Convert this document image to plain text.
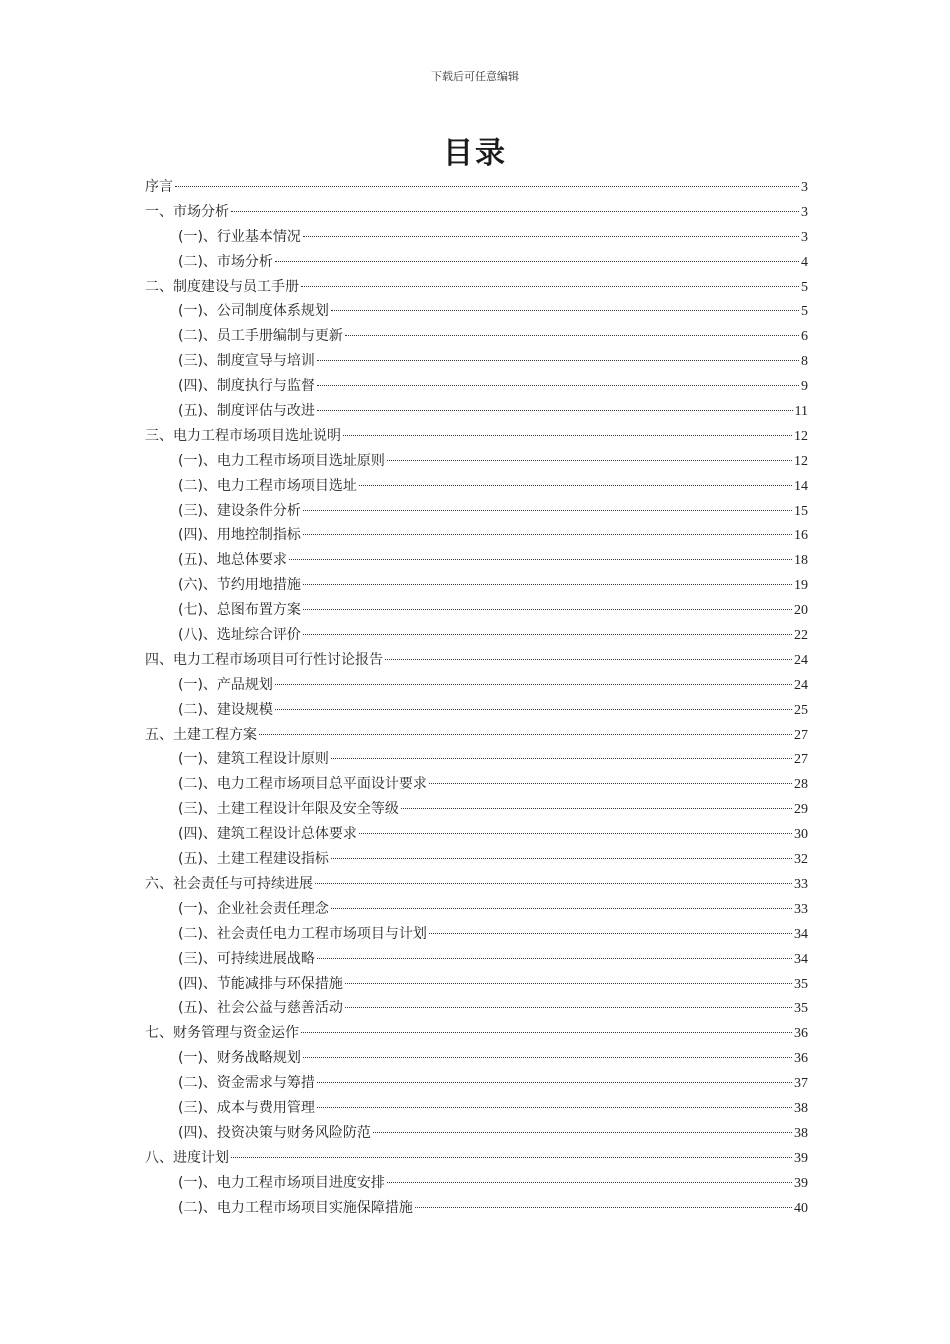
下载后可任意编辑
目录
序言	3
一、市场分析	3
(一)、行业基本情况	3
(二)、市场分析	4
二、制度建设与员工手册	5
(一)、公司制度体系规划	5
(二)、员工手册编制与更新	6
(三)、制度宣导与培训	8
(四)、制度执行与监督	9
(五)、制度评估与改进	11
三、电力工程市场项目选址说明	12
(一)、电力工程市场项目选址原则	12
(二)、电力工程市场项目选址	14
(三)、建设条件分析	15
(四)、用地控制指标	16
(五)、地总体要求	18
(六)、节约用地措施	19
(七)、总图布置方案	20
(八)、选址综合评价	22
四、电力工程市场项目可行性讨论报告	24
(一)、产品规划	24
(二)、建设规模	25
五、土建工程方案	27
(一)、建筑工程设计原则	27
(二)、电力工程市场项目总平面设计要求	28
(三)、土建工程设计年限及安全等级	29
(四)、建筑工程设计总体要求	30
(五)、土建工程建设指标	32
六、社会责任与可持续进展	33
(一)、企业社会责任理念	33
(二)、社会责任电力工程市场项目与计划	34
(三)、可持续进展战略	34
(四)、节能减排与环保措施	35
(五)、社会公益与慈善活动	35
七、财务管理与资金运作	36
(一)、财务战略规划	36
(二)、资金需求与筹措	37
(三)、成本与费用管理	38
(四)、投资决策与财务风险防范	38
八、进度计划	39
(一)、电力工程市场项目进度安排	39
(二)、电力工程市场项目实施保障措施	40
